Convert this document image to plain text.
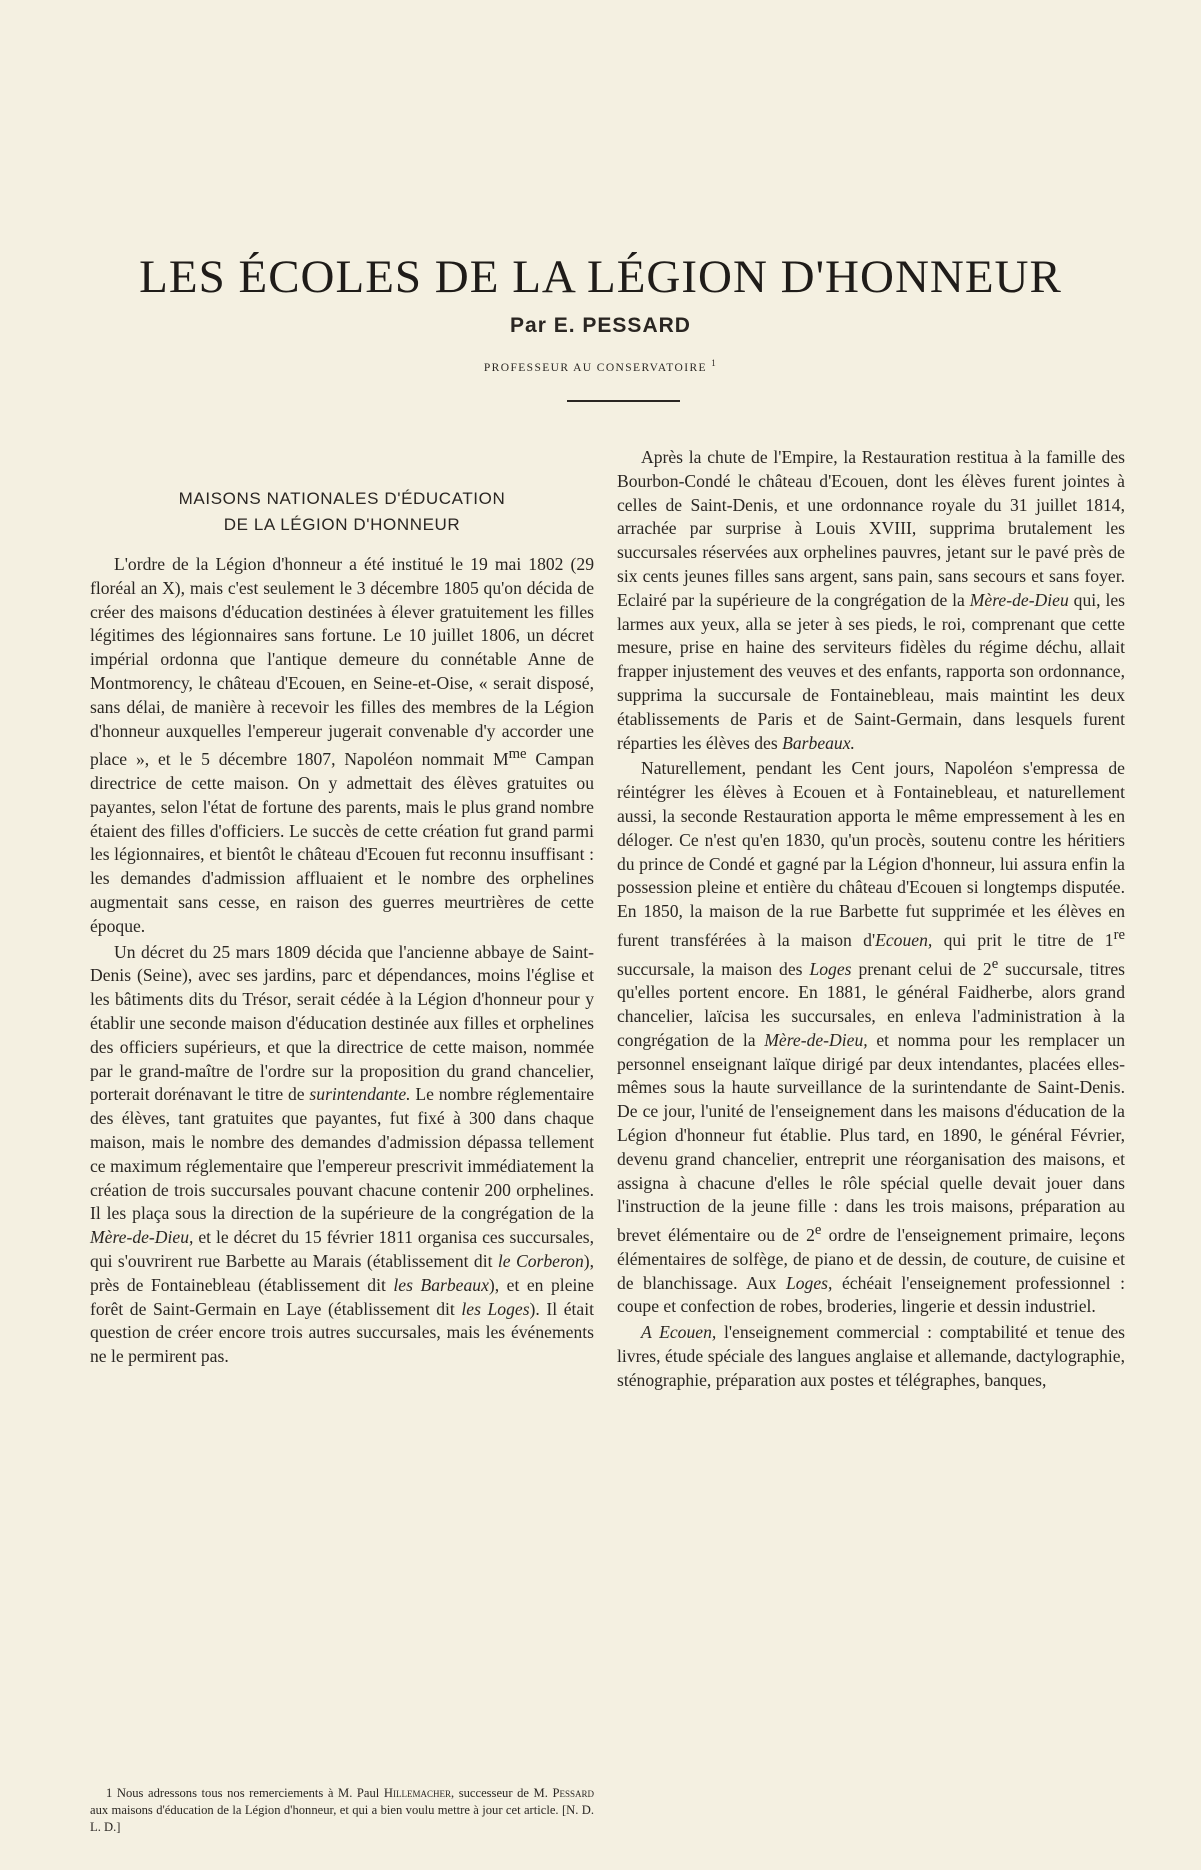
LES ÉCOLES DE LA LÉGION D'HONNEUR
Par E. PESSARD
PROFESSEUR AU CONSERVATOIRE $^1$
MAISONS NATIONALES D'ÉDUCATION
DE LA LÉGION D'HONNEUR

L'ordre de la Légion d'honneur a été institué le 19 mai 1802 (29 floréal an X), mais c'est seulement le 3 décembre 1805 qu'on décida de créer des maisons d'éducation destinées à élever gratuitement les filles légitimes des légionnaires sans fortune. Le 10 juillet 1806, un décret impérial ordonna que l'antique demeure du connétable Anne de Montmorency, le château d'Ecouen, en Seine-et-Oise, « serait disposé, sans délai, de manière à recevoir les filles des membres de la Légion d'honneur auxquelles l'empereur jugerait convenable d'y accorder une place », et le 5 décembre 1807, Napoléon nommait $M^{me}$ Campan directrice de cette maison. On y admettait des élèves gratuites ou payantes, selon l'état de fortune des parents, mais le plus grand nombre étaient des filles d'officiers. Le succès de cette création fut grand parmi les légionnaires, et bientôt le château d'Ecouen fut reconnu insuffisant : les demandes d'admission affluaient et le nombre des orphelines augmentait sans cesse, en raison des guerres meurtrières de cette époque.

Un décret du 25 mars 1809 décida que l'ancienne abbaye de Saint-Denis (Seine), avec ses jardins, parc et dépendances, moins l'église et les bâtiments dits du Trésor, serait cédée à la Légion d'honneur pour y établir une seconde maison d'éducation destinée aux filles et orphelines des officiers supérieurs, et que la directrice de cette maison, nommée par le grand-maître de l'ordre sur la proposition du grand chancelier, porterait dorénavant le titre de surintendante. Le nombre réglementaire des élèves, tant gratuites que payantes, fut fixé à 300 dans chaque maison, mais le nombre des demandes d'admission dépassa tellement ce maximum réglementaire que l'empereur prescrivit immédiatement la création de trois succursales pouvant chacune contenir 200 orphelines. Il les plaça sous la direction de la supérieure de la congrégation de la Mère-de-Dieu, et le décret du 15 février 1811 organisa ces succursales, qui s'ouvrirent rue Barbette au Marais (établissement dit le Corberon), près de Fontainebleau (établissement dit les Barbeaux), et en pleine forêt de Saint-Germain en Laye (établissement dit les Loges). Il était question de créer encore trois autres succursales, mais les événements ne le permirent pas.

1 Nous adressons tous nos remerciements à M. Paul Hillemacher, successeur de M. Pessard aux maisons d'éducation de la Légion d'honneur, et qui a bien voulu mettre à jour cet article. [N. D. L. D.]

Après la chute de l'Empire, la Restauration restitua à la famille des Bourbon-Condé le château d'Ecouen, dont les élèves furent jointes à celles de Saint-Denis, et une ordonnance royale du 31 juillet 1814, arrachée par surprise à Louis XVIII, supprima brutalement les succursales réservées aux orphelines pauvres, jetant sur le pavé près de six cents jeunes filles sans argent, sans pain, sans secours et sans foyer. Eclairé par la supérieure de la congrégation de la Mère-de-Dieu qui, les larmes aux yeux, alla se jeter à ses pieds, le roi, comprenant que cette mesure, prise en haine des serviteurs fidèles du régime déchu, allait frapper injustement des veuves et des enfants, rapporta son ordonnance, supprima la succursale de Fontainebleau, mais maintint les deux établissements de Paris et de Saint-Germain, dans lesquels furent réparties les élèves des Barbeaux.

Naturellement, pendant les Cent jours, Napoléon s'empressa de réintégrer les élèves à Ecouen et à Fontainebleau, et naturellement aussi, la seconde Restauration apporta le même empressement à les en déloger. Ce n'est qu'en 1830, qu'un procès, soutenu contre les héritiers du prince de Condé et gagné par la Légion d'honneur, lui assura enfin la possession pleine et entière du château d'Ecouen si longtemps disputée. En 1850, la maison de la rue Barbette fut supprimée et les élèves en furent transférées à la maison d'Ecouen, qui prit le titre de 1re succursale, la maison des Loges prenant celui de 2e succursale, titres qu'elles portent encore. En 1881, le général Faidherbe, alors grand chancelier, laïcisa les succursales, en enleva l'administration à la congrégation de la Mère-de-Dieu, et nomma pour les remplacer un personnel enseignant laïque dirigé par deux intendantes, placées elles-mêmes sous la haute surveillance de la surintendante de Saint-Denis. De ce jour, l'unité de l'enseignement dans les maisons d'éducation de la Légion d'honneur fut établie. Plus tard, en 1890, le général Février, devenu grand chancelier, entreprit une réorganisation des maisons, et assigna à chacune d'elles le rôle spécial quelle devait jouer dans l'instruction de la jeune fille : dans les trois maisons, préparation au brevet élémentaire ou de 2e ordre de l'enseignement primaire, leçons élémentaires de solfège, de piano et de dessin, de couture, de cuisine et de blanchissage. Aux Loges, échéait l'enseignement professionnel : coupe et confection de robes, broderies, lingerie et dessin industriel.

A Ecouen, l'enseignement commercial : comptabilité et tenue des livres, étude spéciale des langues anglaise et allemande, dactylographie, sténographie, préparation aux postes et télégraphes, banques,
